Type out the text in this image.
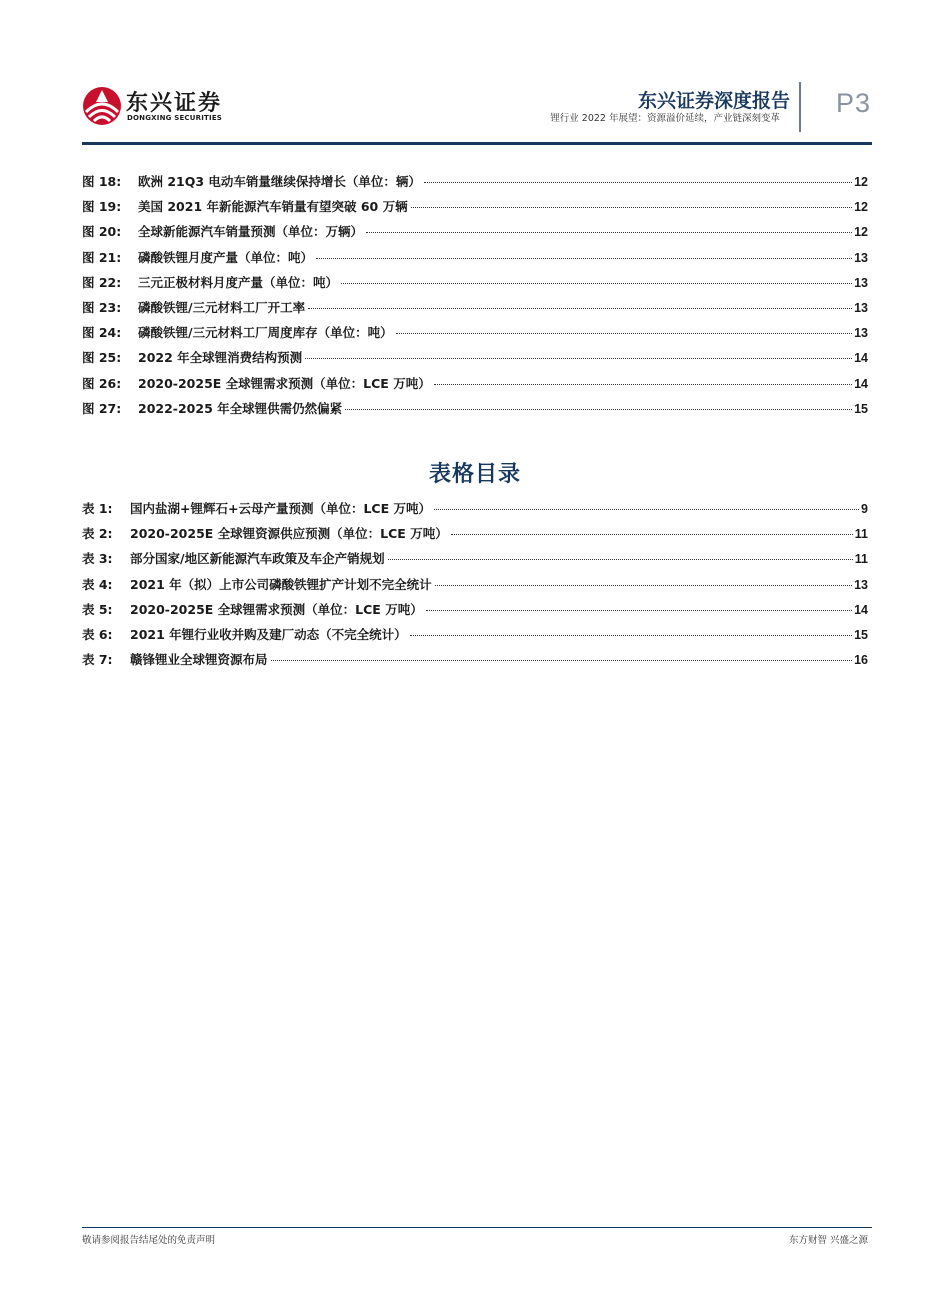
东兴证券
DONGXING SECURITIES
东兴证券深度报告
锂行业 2022 年展望：资源溢价延续，产业链深刻变革
P3
图 18:	欧洲 21Q3 电动车销量继续保持增长（单位：辆）	12
图 19:	美国 2021 年新能源汽车销量有望突破 60 万辆	12
图 20:	全球新能源汽车销量预测（单位：万辆）	12
图 21:	磷酸铁锂月度产量（单位：吨）	13
图 22:	三元正极材料月度产量（单位：吨）	13
图 23:	磷酸铁锂/三元材料工厂开工率	13
图 24:	磷酸铁锂/三元材料工厂周度库存（单位：吨）	13
图 25:	2022 年全球锂消费结构预测	14
图 26:	2020-2025E 全球锂需求预测（单位：LCE 万吨）	14
图 27:	2022-2025 年全球锂供需仍然偏紧	15
表格目录
表 1:	国内盐湖+锂辉石+云母产量预测（单位：LCE 万吨）	9
表 2:	2020-2025E 全球锂资源供应预测（单位：LCE 万吨）	11
表 3:	部分国家/地区新能源汽车政策及车企产销规划	11
表 4:	2021 年（拟）上市公司磷酸铁锂扩产计划不完全统计	13
表 5:	2020-2025E 全球锂需求预测（单位：LCE 万吨）	14
表 6:	2021 年锂行业收并购及建厂动态（不完全统计）	15
表 7:	赣锋锂业全球锂资源布局	16
敬请参阅报告结尾处的免责声明	东方财智 兴盛之源
